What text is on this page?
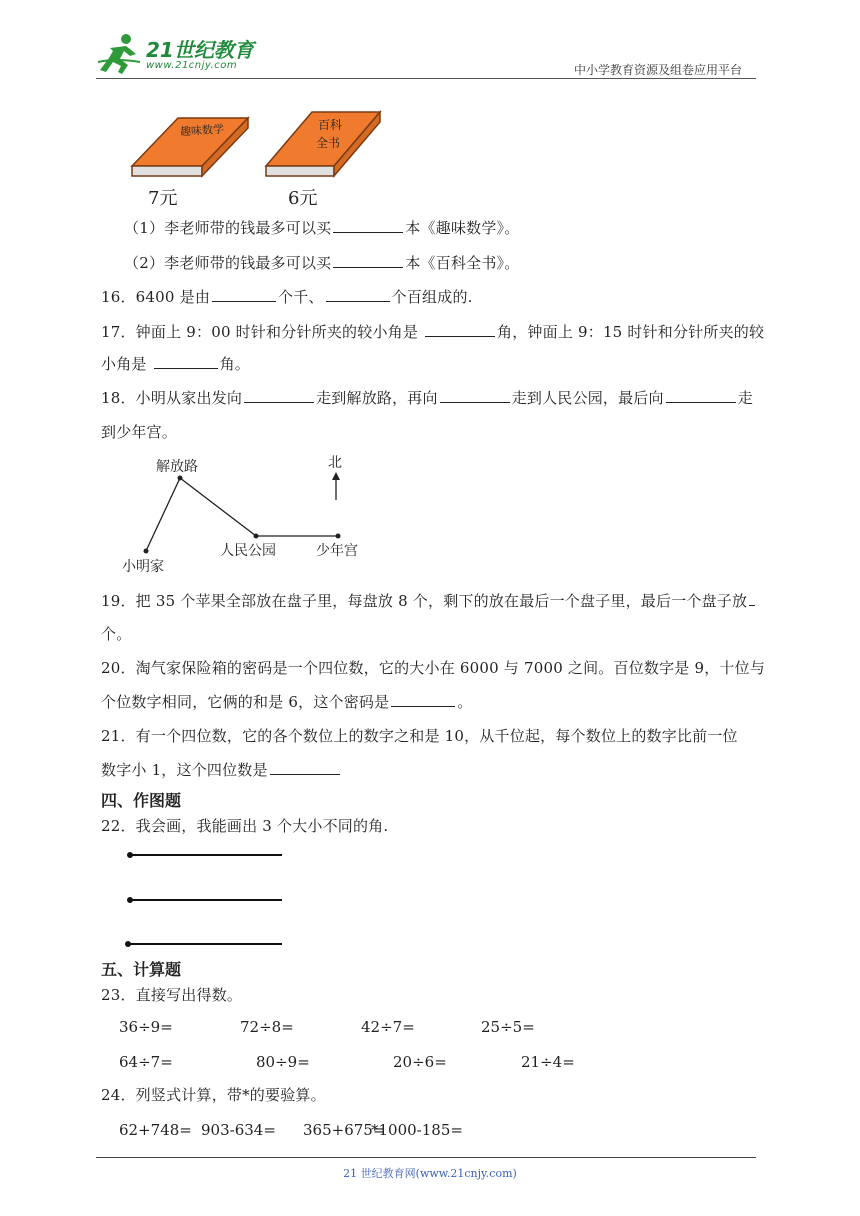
21世纪教育
www.21cnjy.com	中小学教育资源及组卷应用平台
趣味数学
7元
百科
全书
6元
（1）李老师带的钱最多可以买	本《趣味数学》。
（2）李老师带的钱最多可以买	本《百科全书》。
16．6400 是由	个千、	个百组成的.
17．钟面上 9：00 时针和分针所夹的较小角是	角，钟面上 9：15 时针和分针所夹的较
小角是	角。
18．小明从家出发向	走到解放路，再向	走到人民公园，最后向	走
到少年宫。
北
解放路
小明家
人民公园	少年宫
19．把 35 个苹果全部放在盘子里，每盘放 8 个，剩下的放在最后一个盘子里，最后一个盘子放
个。
20．淘气家保险箱的密码是一个四位数，它的大小在 6000 与 7000 之间。百位数字是 9，十位与
个位数字相同，它俩的和是 6，这个密码是	。
21．有一个四位数，它的各个数位上的数字之和是 10，从千位起，每个数位上的数字比前一位
数字小 1，这个四位数是
四、作图题
22．我会画，我能画出 3 个大小不同的角.
五、计算题
23．直接写出得数。
36÷9=	72÷8=	42÷7=	25÷5=
64÷7=	80÷9=	20÷6=	21÷4=
24．列竖式计算，带*的要验算。
62+748= 903-634= 365+675=
*1000-185=
21 世纪教育网(www.21cnjy.com)
